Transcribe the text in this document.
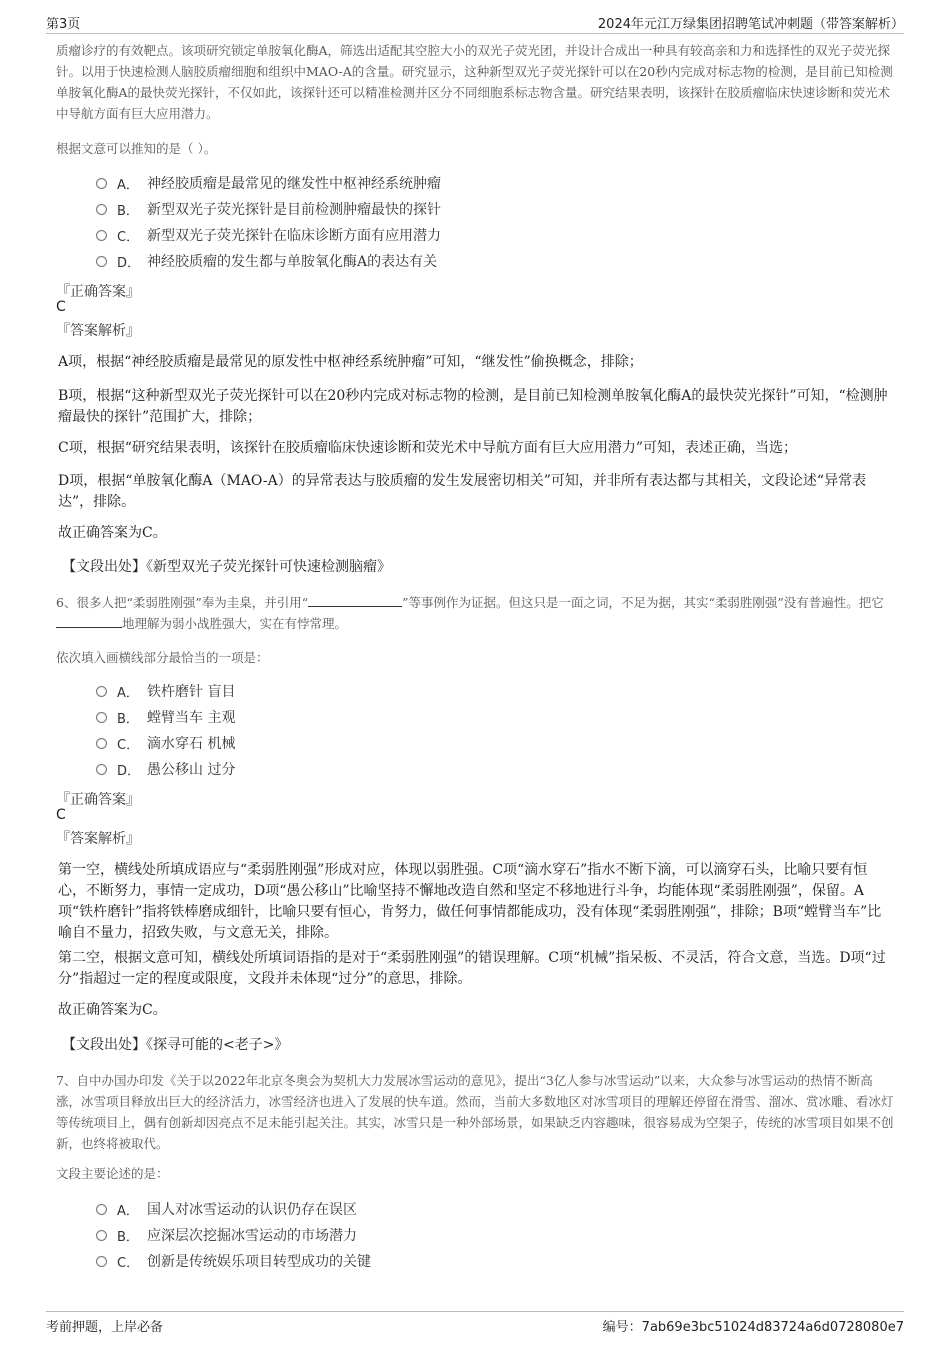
第3页	2024年元江万绿集团招聘笔试冲刺题（带答案解析）
质瘤诊疗的有效靶点。该项研究锁定单胺氧化酶A，筛选出适配其空腔大小的双光子荧光团，并设计合成出一种具有较高亲和力和选择性的双光子荧光探针。以用于快速检测人脑胶质瘤细胞和组织中MAO-A的含量。研究显示，这种新型双光子荧光探针可以在20秒内完成对标志物的检测，是目前已知检测单胺氧化酶A的最快荧光探针，不仅如此，该探针还可以精准检测并区分不同细胞系标志物含量。研究结果表明，该探针在胶质瘤临床快速诊断和荧光术中导航方面有巨大应用潜力。
根据文意可以推知的是（ ）。
A． 神经胶质瘤是最常见的继发性中枢神经系统肿瘤
B． 新型双光子荧光探针是目前检测肿瘤最快的探针
C． 新型双光子荧光探针在临床诊断方面有应用潜力
D． 神经胶质瘤的发生都与单胺氧化酶A的表达有关
『正确答案』
C
『答案解析』
A项，根据“神经胶质瘤是最常见的原发性中枢神经系统肿瘤”可知，“继发性”偷换概念，排除；
B项，根据“这种新型双光子荧光探针可以在20秒内完成对标志物的检测，是目前已知检测单胺氧化酶A的最快荧光探针”可知，“检测肿瘤最快的探针”范围扩大，排除；
C项，根据“研究结果表明，该探针在胶质瘤临床快速诊断和荧光术中导航方面有巨大应用潜力”可知，表述正确，当选；
D项，根据“单胺氧化酶A（MAO-A）的异常表达与胶质瘤的发生发展密切相关”可知，并非所有表达都与其相关，文段论述“异常表达”，排除。
故正确答案为C。
【文段出处】《新型双光子荧光探针可快速检测脑瘤》
6、很多人把“柔弱胜刚强”奉为圭臬，并引用“	”等事例作为证据。但这只是一面之词，不足为据，其实“柔弱胜刚强”没有普遍性。把它地理解为弱小战胜强大，实在有悖常理。
依次填入画横线部分最恰当的一项是：
A． 铁杵磨针 盲目
B． 螳臂当车 主观
C． 滴水穿石 机械
D． 愚公移山 过分
『正确答案』
C
『答案解析』
第一空，横线处所填成语应与“柔弱胜刚强”形成对应，体现以弱胜强。C项“滴水穿石”指水不断下滴，可以滴穿石头，比喻只要有恒心，不断努力，事情一定成功，D项“愚公移山”比喻坚持不懈地改造自然和坚定不移地进行斗争，均能体现“柔弱胜刚强”，保留。A项“铁杵磨针”指将铁棒磨成细针，比喻只要有恒心，肯努力，做任何事情都能成功，没有体现“柔弱胜刚强”，排除；B项“螳臂当车”比喻自不量力，招致失败，与文意无关，排除。
第二空，根据文意可知，横线处所填词语指的是对于“柔弱胜刚强”的错误理解。C项“机械”指呆板、不灵活，符合文意，当选。D项“过分”指超过一定的程度或限度，文段并未体现“过分”的意思，排除。
故正确答案为C。
【文段出处】《探寻可能的<老子>》
7、自中办国办印发《关于以2022年北京冬奥会为契机大力发展冰雪运动的意见》，提出“3亿人参与冰雪运动”以来，大众参与冰雪运动的热情不断高涨，冰雪项目释放出巨大的经济活力，冰雪经济也进入了发展的快车道。然而，当前大多数地区对冰雪项目的理解还停留在滑雪、溜冰、赏冰雕、看冰灯等传统项目上，偶有创新却因亮点不足未能引起关注。其实，冰雪只是一种外部场景，如果缺乏内容趣味，很容易成为空架子，传统的冰雪项目如果不创新，也终将被取代。
文段主要论述的是：
A． 国人对冰雪运动的认识仍存在误区
B． 应深层次挖掘冰雪运动的市场潜力
C． 创新是传统娱乐项目转型成功的关键
考前押题，上岸必备	编号：7ab69e3bc51024d83724a6d0728080e7
